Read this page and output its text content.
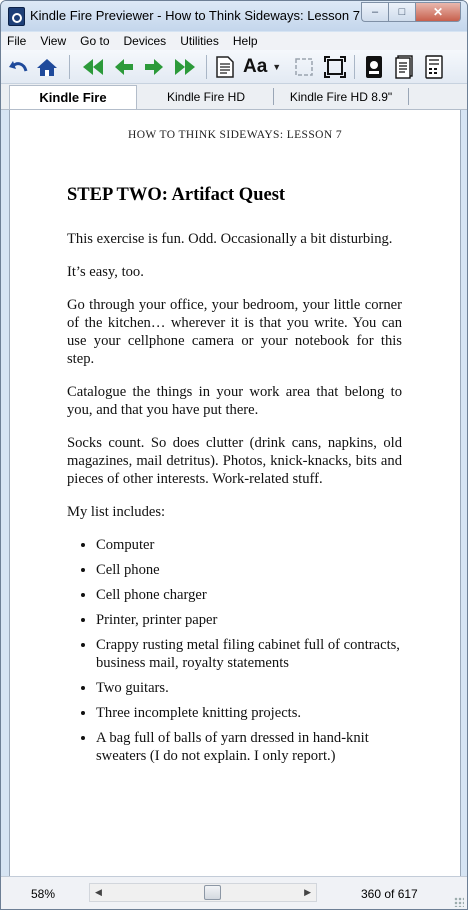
Kindle Fire Previewer - How to Think Sideways: Lesson 7 – □ ✕
File	View	Go to	Devices	Utilities	Help
Aa ▼
Kindle Fire	Kindle Fire HD	Kindle Fire HD 8.9"
HOW TO THINK SIDEWAYS: LESSON 7
STEP TWO: Artifact Quest

This exercise is fun. Odd. Occasionally a bit disturbing.

It’s easy, too.

Go through your office, your bedroom, your little corner of the kitchen… wherever it is that you write. You can use your cellphone camera or your notebook for this step.

Catalogue the things in your work area that belong to you, and that you have put there.

Socks count. So does clutter (drink cans, napkins, old magazines, mail detritus). Photos, knick-knacks, bits and pieces of other interests. Work-related stuff.

My list includes:

• Computer
• Cell phone
• Cell phone charger
• Printer, printer paper
• Crappy rusting metal filing cabinet full of contracts, business mail, royalty statements
• Two guitars.
• Three incomplete knitting projects.
• A bag full of balls of yarn dressed in hand-knit sweaters (I do not explain. I only report.)
58%	◀	▶	360 of 617
